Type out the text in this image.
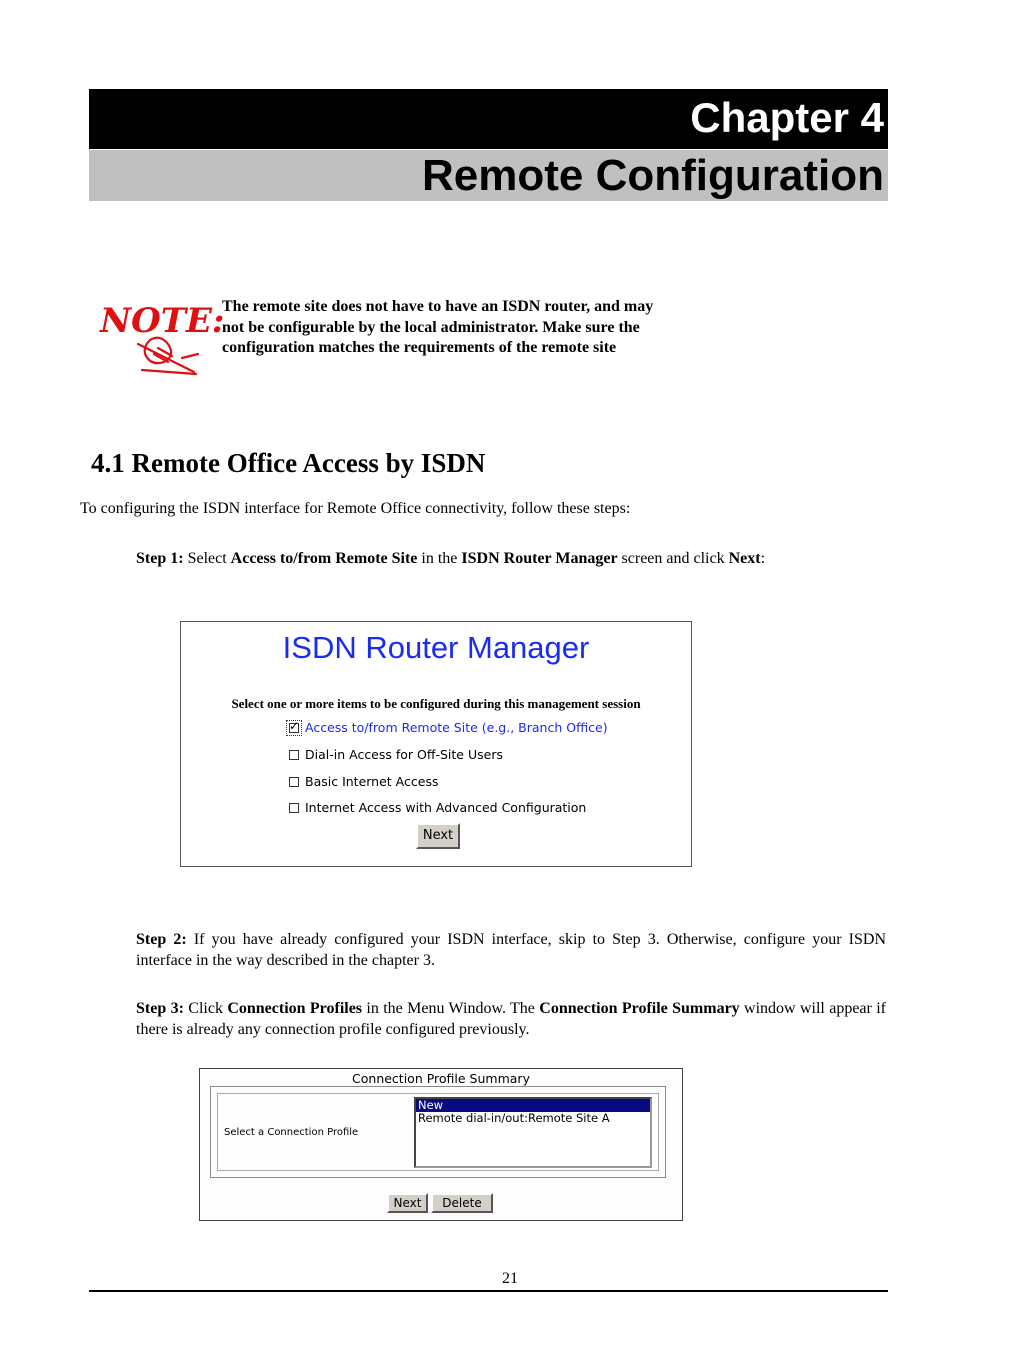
Chapter 4
Remote Configuration
NOTE:
The remote site does not have to have an ISDN router, and may
not be configurable by the local administrator. Make sure the
configuration matches the requirements of the remote site
4.1 Remote Office Access by ISDN
To configuring the ISDN interface for Remote Office connectivity, follow these steps:
Step 1: Select Access to/from Remote Site in the ISDN Router Manager screen and click Next:
ISDN Router Manager
Select one or more items to be configured during this management session
✓
Access to/from Remote Site (e.g., Branch Office)
Dial-in Access for Off-Site Users
Basic Internet Access
Internet Access with Advanced Configuration
Next
Step 2: If you have already configured your ISDN interface, skip to Step 3. Otherwise, configure your ISDN interface in the way described in the chapter 3.
Step 3: Click Connection Profiles in the Menu Window. The Connection Profile Summary window will appear if there is already any connection profile configured previously.
Connection Profile Summary
Select a Connection Profile
New
Remote dial-in/out:Remote Site A
Next	Delete
21
